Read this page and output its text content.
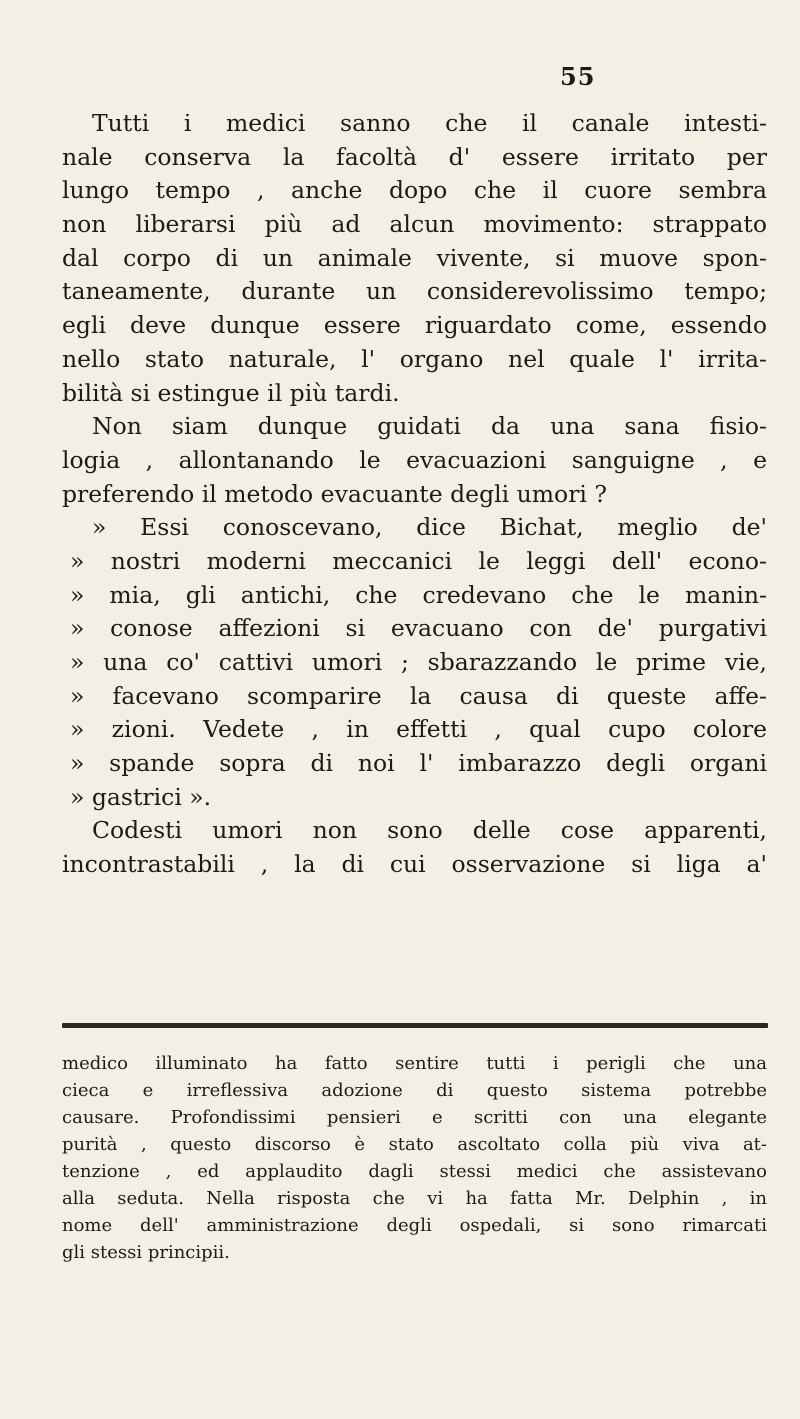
55
Tutti i medici sanno che il canale intesti-
nale conserva la facoltà d' essere irritato per
lungo tempo , anche dopo che il cuore sembra
non liberarsi più ad alcun movimento: strappato
dal corpo di un animale vivente, si muove spon-
taneamente, durante un considerevolissimo tempo;
egli deve dunque essere riguardato come, essendo
nello stato naturale, l' organo nel quale l' irrita-
bilità si estingue il più tardi.
Non siam dunque guidati da una sana fisio-
logia , allontanando le evacuazioni sanguigne , e
preferendo il metodo evacuante degli umori ?
» Essi conoscevano, dice Bichat, meglio de'
» nostri moderni meccanici le leggi dell' econo-
» mia, gli antichi, che credevano che le manin-
» conose affezioni si evacuano con de' purgativi
» una co' cattivi umori ; sbarazzando le prime vie,
» facevano scomparire la causa di queste affe-
» zioni. Vedete , in effetti , qual cupo colore
» spande sopra di noi l' imbarazzo degli organi
» gastrici ».
Codesti umori non sono delle cose apparenti,
incontrastabili , la di cui osservazione si liga a'
medico illuminato ha fatto sentire tutti i perigli che una
cieca e irreflessiva adozione di questo sistema potrebbe
causare. Profondissimi pensieri e scritti con una elegante
purità , questo discorso è stato ascoltato colla più viva at-
tenzione , ed applaudito dagli stessi medici che assistevano
alla seduta. Nella risposta che vi ha fatta Mr. Delphin , in
nome dell' amministrazione degli ospedali, si sono rimarcati
gli stessi principii.
